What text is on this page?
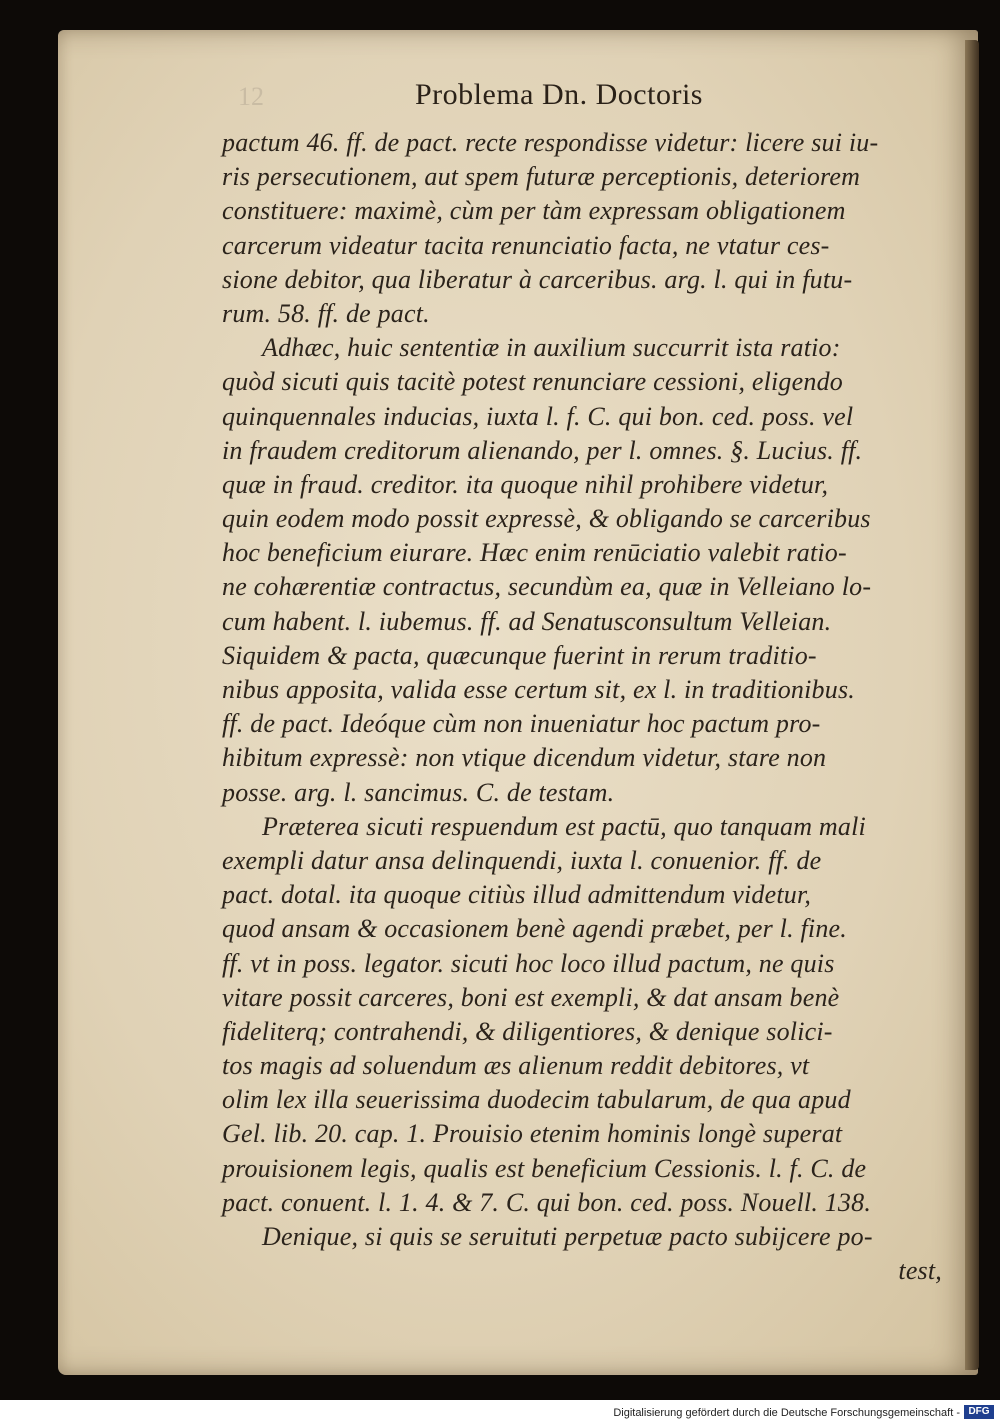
12	Problema Dn. Doctoris
pactum 46. ff. de pact. recte respondisse videtur: licere sui iu-
ris persecutionem, aut spem futuræ perceptionis, deteriorem
constituere: maximè, cùm per tàm expressam obligationem
carcerum videatur tacita renunciatio facta, ne vtatur ces-
sione debitor, qua liberatur à carceribus. arg. l. qui in futu-
rum. 58. ff. de pact.
Adhæc, huic sententiæ in auxilium succurrit ista ratio:
quòd sicuti quis tacitè potest renunciare cessioni, eligendo
quinquennales inducias, iuxta l. f. C. qui bon. ced. poss. vel
in fraudem creditorum alienando, per l. omnes. §. Lucius. ff.
quæ in fraud. creditor. ita quoque nihil prohibere videtur,
quin eodem modo possit expressè, & obligando se carceribus
hoc beneficium eiurare. Hæc enim renūciatio valebit ratio-
ne cohærentiæ contractus, secundùm ea, quæ in Velleiano lo-
cum habent. l. iubemus. ff. ad Senatusconsultum Velleian.
Siquidem & pacta, quæcunque fuerint in rerum traditio-
nibus apposita, valida esse certum sit, ex l. in traditionibus.
ff. de pact. Ideóque cùm non inueniatur hoc pactum pro-
hibitum expressè: non vtique dicendum videtur, stare non
posse. arg. l. sancimus. C. de testam.
Præterea sicuti respuendum est pactū, quo tanquam mali
exempli datur ansa delinquendi, iuxta l. conuenior. ff. de
pact. dotal. ita quoque citiùs illud admittendum videtur,
quod ansam & occasionem benè agendi præbet, per l. fine.
ff. vt in poss. legator. sicuti hoc loco illud pactum, ne quis
vitare possit carceres, boni est exempli, & dat ansam benè
fideliterq; contrahendi, & diligentiores, & denique solici-
tos magis ad soluendum æs alienum reddit debitores, vt
olim lex illa seuerissima duodecim tabularum, de qua apud
Gel. lib. 20. cap. 1. Prouisio etenim hominis longè superat
prouisionem legis, qualis est beneficium Cessionis. l. f. C. de
pact. conuent. l. 1. 4. & 7. C. qui bon. ced. poss. Nouell. 138.
Denique, si quis se seruituti perpetuæ pacto subijcere po-
test,
Digitalisierung gefördert durch die Deutsche Forschungsgemeinschaft - DFG
